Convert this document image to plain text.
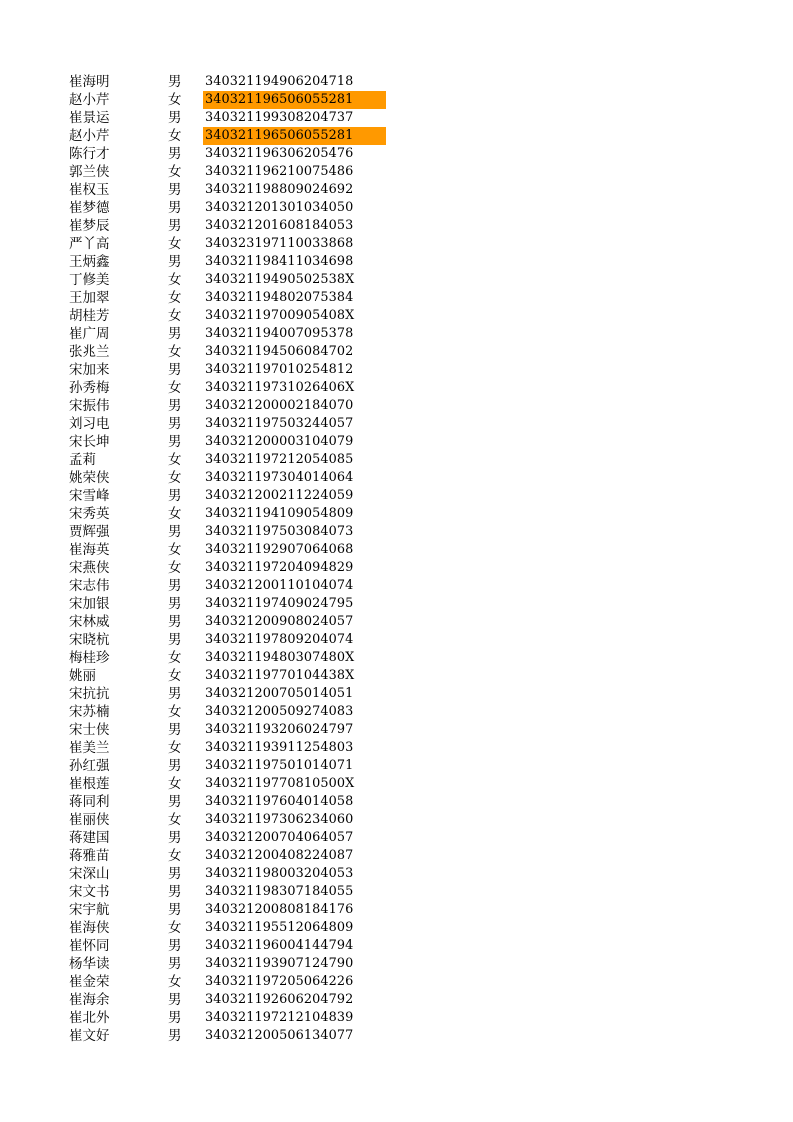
崔海明	男	340321194906204718
赵小芹	女	340321196506055281
崔景运	男	340321199308204737
赵小芹	女	340321196506055281
陈行才	男	340321196306205476
郭兰侠	女	340321196210075486
崔权玉	男	340321198809024692
崔梦德	男	340321201301034050
崔梦辰	男	340321201608184053
严丫高	女	340323197110033868
王炳鑫	男	340321198411034698
丁修美	女	34032119490502538X
王加翠	女	340321194802075384
胡桂芳	女	34032119700905408X
崔广周	男	340321194007095378
张兆兰	女	340321194506084702
宋加来	男	340321197010254812
孙秀梅	女	34032119731026406X
宋振伟	男	340321200002184070
刘习电	男	340321197503244057
宋长坤	男	340321200003104079
孟莉	女	340321197212054085
姚荣侠	女	340321197304014064
宋雪峰	男	340321200211224059
宋秀英	女	340321194109054809
贾辉强	男	340321197503084073
崔海英	女	340321192907064068
宋燕侠	女	340321197204094829
宋志伟	男	340321200110104074
宋加银	男	340321197409024795
宋林威	男	340321200908024057
宋晓杭	男	340321197809204074
梅桂珍	女	34032119480307480X
姚丽	女	34032119770104438X
宋抗抗	男	340321200705014051
宋苏楠	女	340321200509274083
宋士侠	男	340321193206024797
崔美兰	女	340321193911254803
孙红强	男	340321197501014071
崔根莲	女	34032119770810500X
蒋同利	男	340321197604014058
崔丽侠	女	340321197306234060
蒋建国	男	340321200704064057
蒋雅苗	女	340321200408224087
宋深山	男	340321198003204053
宋文书	男	340321198307184055
宋宇航	男	340321200808184176
崔海侠	女	340321195512064809
崔怀同	男	340321196004144794
杨华读	男	340321193907124790
崔金荣	女	340321197205064226
崔海余	男	340321192606204792
崔北外	男	340321197212104839
崔文好	男	340321200506134077
